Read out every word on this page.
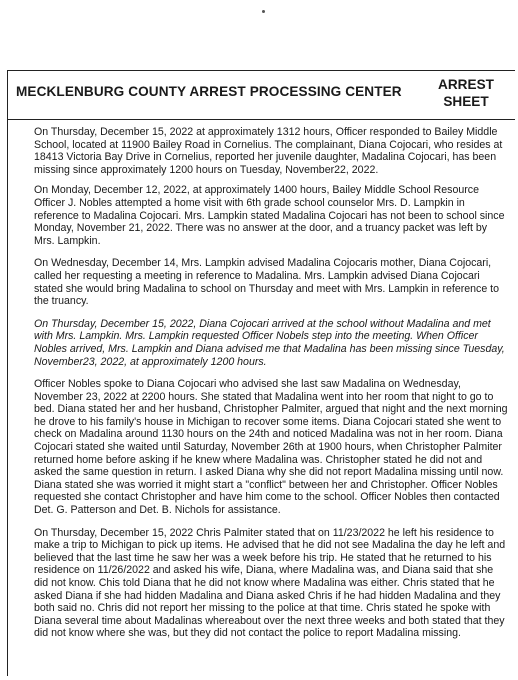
MECKLENBURG COUNTY ARREST PROCESSING CENTER	ARREST
SHEET

On Thursday, December 15, 2022 at approximately 1312 hours, Officer responded to Bailey Middle School, located at 11900 Bailey Road in Cornelius. The complainant, Diana Cojocari, who resides at 18413 Victoria Bay Drive in Cornelius, reported her juvenile daughter, Madalina Cojocari, has been missing since approximately 1200 hours on Tuesday, November22, 2022.

On Monday, December 12, 2022, at approximately 1400 hours, Bailey Middle School Resource Officer J. Nobles attempted a home visit with 6th grade school counselor Mrs. D. Lampkin in reference to Madalina Cojocari. Mrs. Lampkin stated Madalina Cojocari has not been to school since Monday, November 21, 2022. There was no answer at the door, and a truancy packet was left by Mrs. Lampkin.

On Wednesday, December 14, Mrs. Lampkin advised Madalina Cojocaris mother, Diana Cojocari, called her requesting a meeting in reference to Madalina. Mrs. Lampkin advised Diana Cojocari stated she would bring Madalina to school on Thursday and meet with Mrs. Lampkin in reference to the truancy.

On Thursday, December 15, 2022, Diana Cojocari arrived at the school without Madalina and met with Mrs. Lampkin. Mrs. Lampkin requested Officer Nobels step into the meeting. When Officer Nobles arrived, Mrs. Lampkin and Diana advised me that Madalina has been missing since Tuesday, November23, 2022, at approximately 1200 hours.

Officer Nobles spoke to Diana Cojocari who advised she last saw Madalina on Wednesday, November 23, 2022 at 2200 hours. She stated that Madalina went into her room that night to go to bed. Diana stated her and her husband, Christopher Palmiter, argued that night and the next morning he drove to his family's house in Michigan to recover some items. Diana Cojocari stated she went to check on Madalina around 1130 hours on the 24th and noticed Madalina was not in her room. Diana Cojocari stated she waited until Saturday, November 26th at 1900 hours, when Christopher Palmiter returned home before asking if he knew where Madalina was. Christopher stated he did not and asked the same question in return. I asked Diana why she did not report Madalina missing until now. Diana stated she was worried it might start a "conflict" between her and Christopher. Officer Nobles requested she contact Christopher and have him come to the school. Officer Nobles then contacted Det. G. Patterson and Det. B. Nichols for assistance.

On Thursday, December 15, 2022 Chris Palmiter stated that on 11/23/2022 he left his residence to make a trip to Michigan to pick up items. He advised that he did not see Madalina the day he left and believed that the last time he saw her was a week before his trip. He stated that he returned to his residence on 11/26/2022 and asked his wife, Diana, where Madalina was, and Diana said that she did not know. Chis told Diana that he did not know where Madalina was either. Chris stated that he asked Diana if she had hidden Madalina and Diana asked Chris if he had hidden Madalina and they both said no. Chris did not report her missing to the police at that time. Chris stated he spoke with Diana several time about Madalinas whereabout over the next three weeks and both stated that they did not know where she was, but they did not contact the police to report Madalina missing.
